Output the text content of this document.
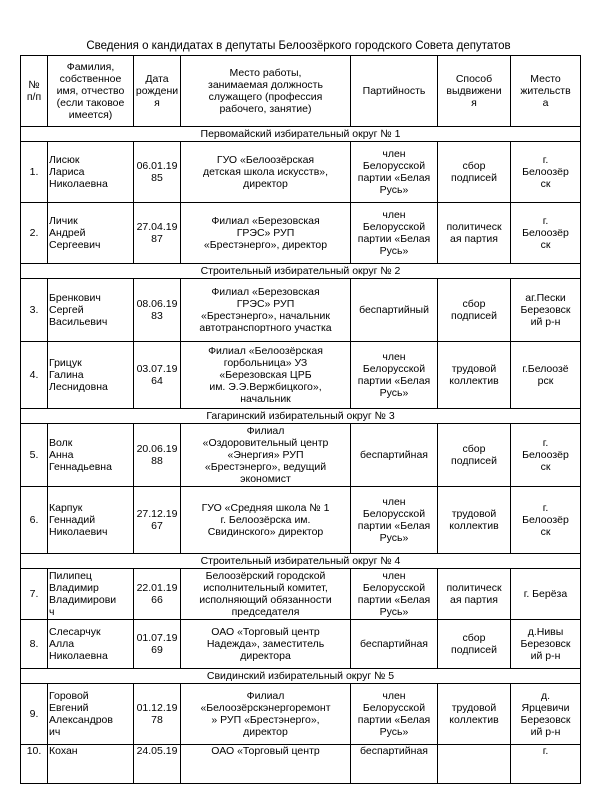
Сведения о кандидатах в депутаты Белоозёркого городского Совета депутатов
№
п/п	Фамилия,
собственное
имя, отчество
(если таковое
имеется)	Дата
рождени
я	Место работы,
занимаемая должность
служащего (профессия
рабочего, занятие)	Партийность	Способ
выдвижени
я	Место
жительств
а
Первомайский избирательный округ № 1						
1.	Лисюк
Лариса
Николаевна	06.01.19
85	ГУО «Белоозёрская
детская школа искусств»,
директор	член
Белорусской
партии «Белая
Русь»	сбор
подписей	г.
Белоозёр
ск
2.	Личик
Андрей
Сергеевич	27.04.19
87	Филиал «Березовская
ГРЭС» РУП
«Брестэнерго», директор	член
Белорусской
партии «Белая
Русь»	политическ
ая партия	г.
Белоозёр
ск
Строительный избирательный округ № 2						
3.	Бренкович
Сергей
Васильевич	08.06.19
83	Филиал «Березовская
ГРЭС» РУП
«Брестэнерго», начальник
автотранспортного участка	беспартийный	сбор
подписей	аг.Пески
Березовск
ий р-н
4.	Грицук
Галина
Леснидовна	03.07.19
64	Филиал «Белоозёрская
горбольница» УЗ
«Березовская ЦРБ
им. Э.Э.Вержбицкого»,
начальник	член
Белорусской
партии «Белая
Русь»	трудовой
коллектив	г.Белоозё
рск
Гагаринский избирательный округ № 3						
5.	Волк
Анна
Геннадьевна	20.06.19
88	Филиал
«Оздоровительный центр
«Энергия» РУП
«Брестэнерго», ведущий
экономист	беспартийная	сбор
подписей	г.
Белоозёр
ск
6.	Карпук
Геннадий
Николаевич	27.12.19
67	ГУО «Средняя школа № 1
г. Белоозёрска им.
Свидинского» директор	член
Белорусской
партии «Белая
Русь»	трудовой
коллектив	г.
Белоозёр
ск
Строительный избирательный округ № 4						
7.	Пилипец
Владимир
Владимирови
ч	22.01.19
66	Белоозёрский городской
исполнительный комитет,
исполняющий обязанности
председателя	член
Белорусской
партии «Белая
Русь»	политическ
ая партия	г. Берёза
8.	Слесарчук
Алла
Николаевна	01.07.19
69	ОАО «Торговый центр
Надежда», заместитель
директора	беспартийная	сбор
подписей	д.Нивы
Березовск
ий р-н
Свидинский избирательный округ № 5						
9.	Горовой
Евгений
Александров
ич	01.12.19
78	Филиал
«Белоозёрскэнергоремонт
» РУП «Брестэнерго»,
директор	член
Белорусской
партии «Белая
Русь»	трудовой
коллектив	д.
Ярцевичи
Березовск
ий р-н
10.	Кохан	24.05.19	ОАО «Торговый центр	беспартийная		г.
